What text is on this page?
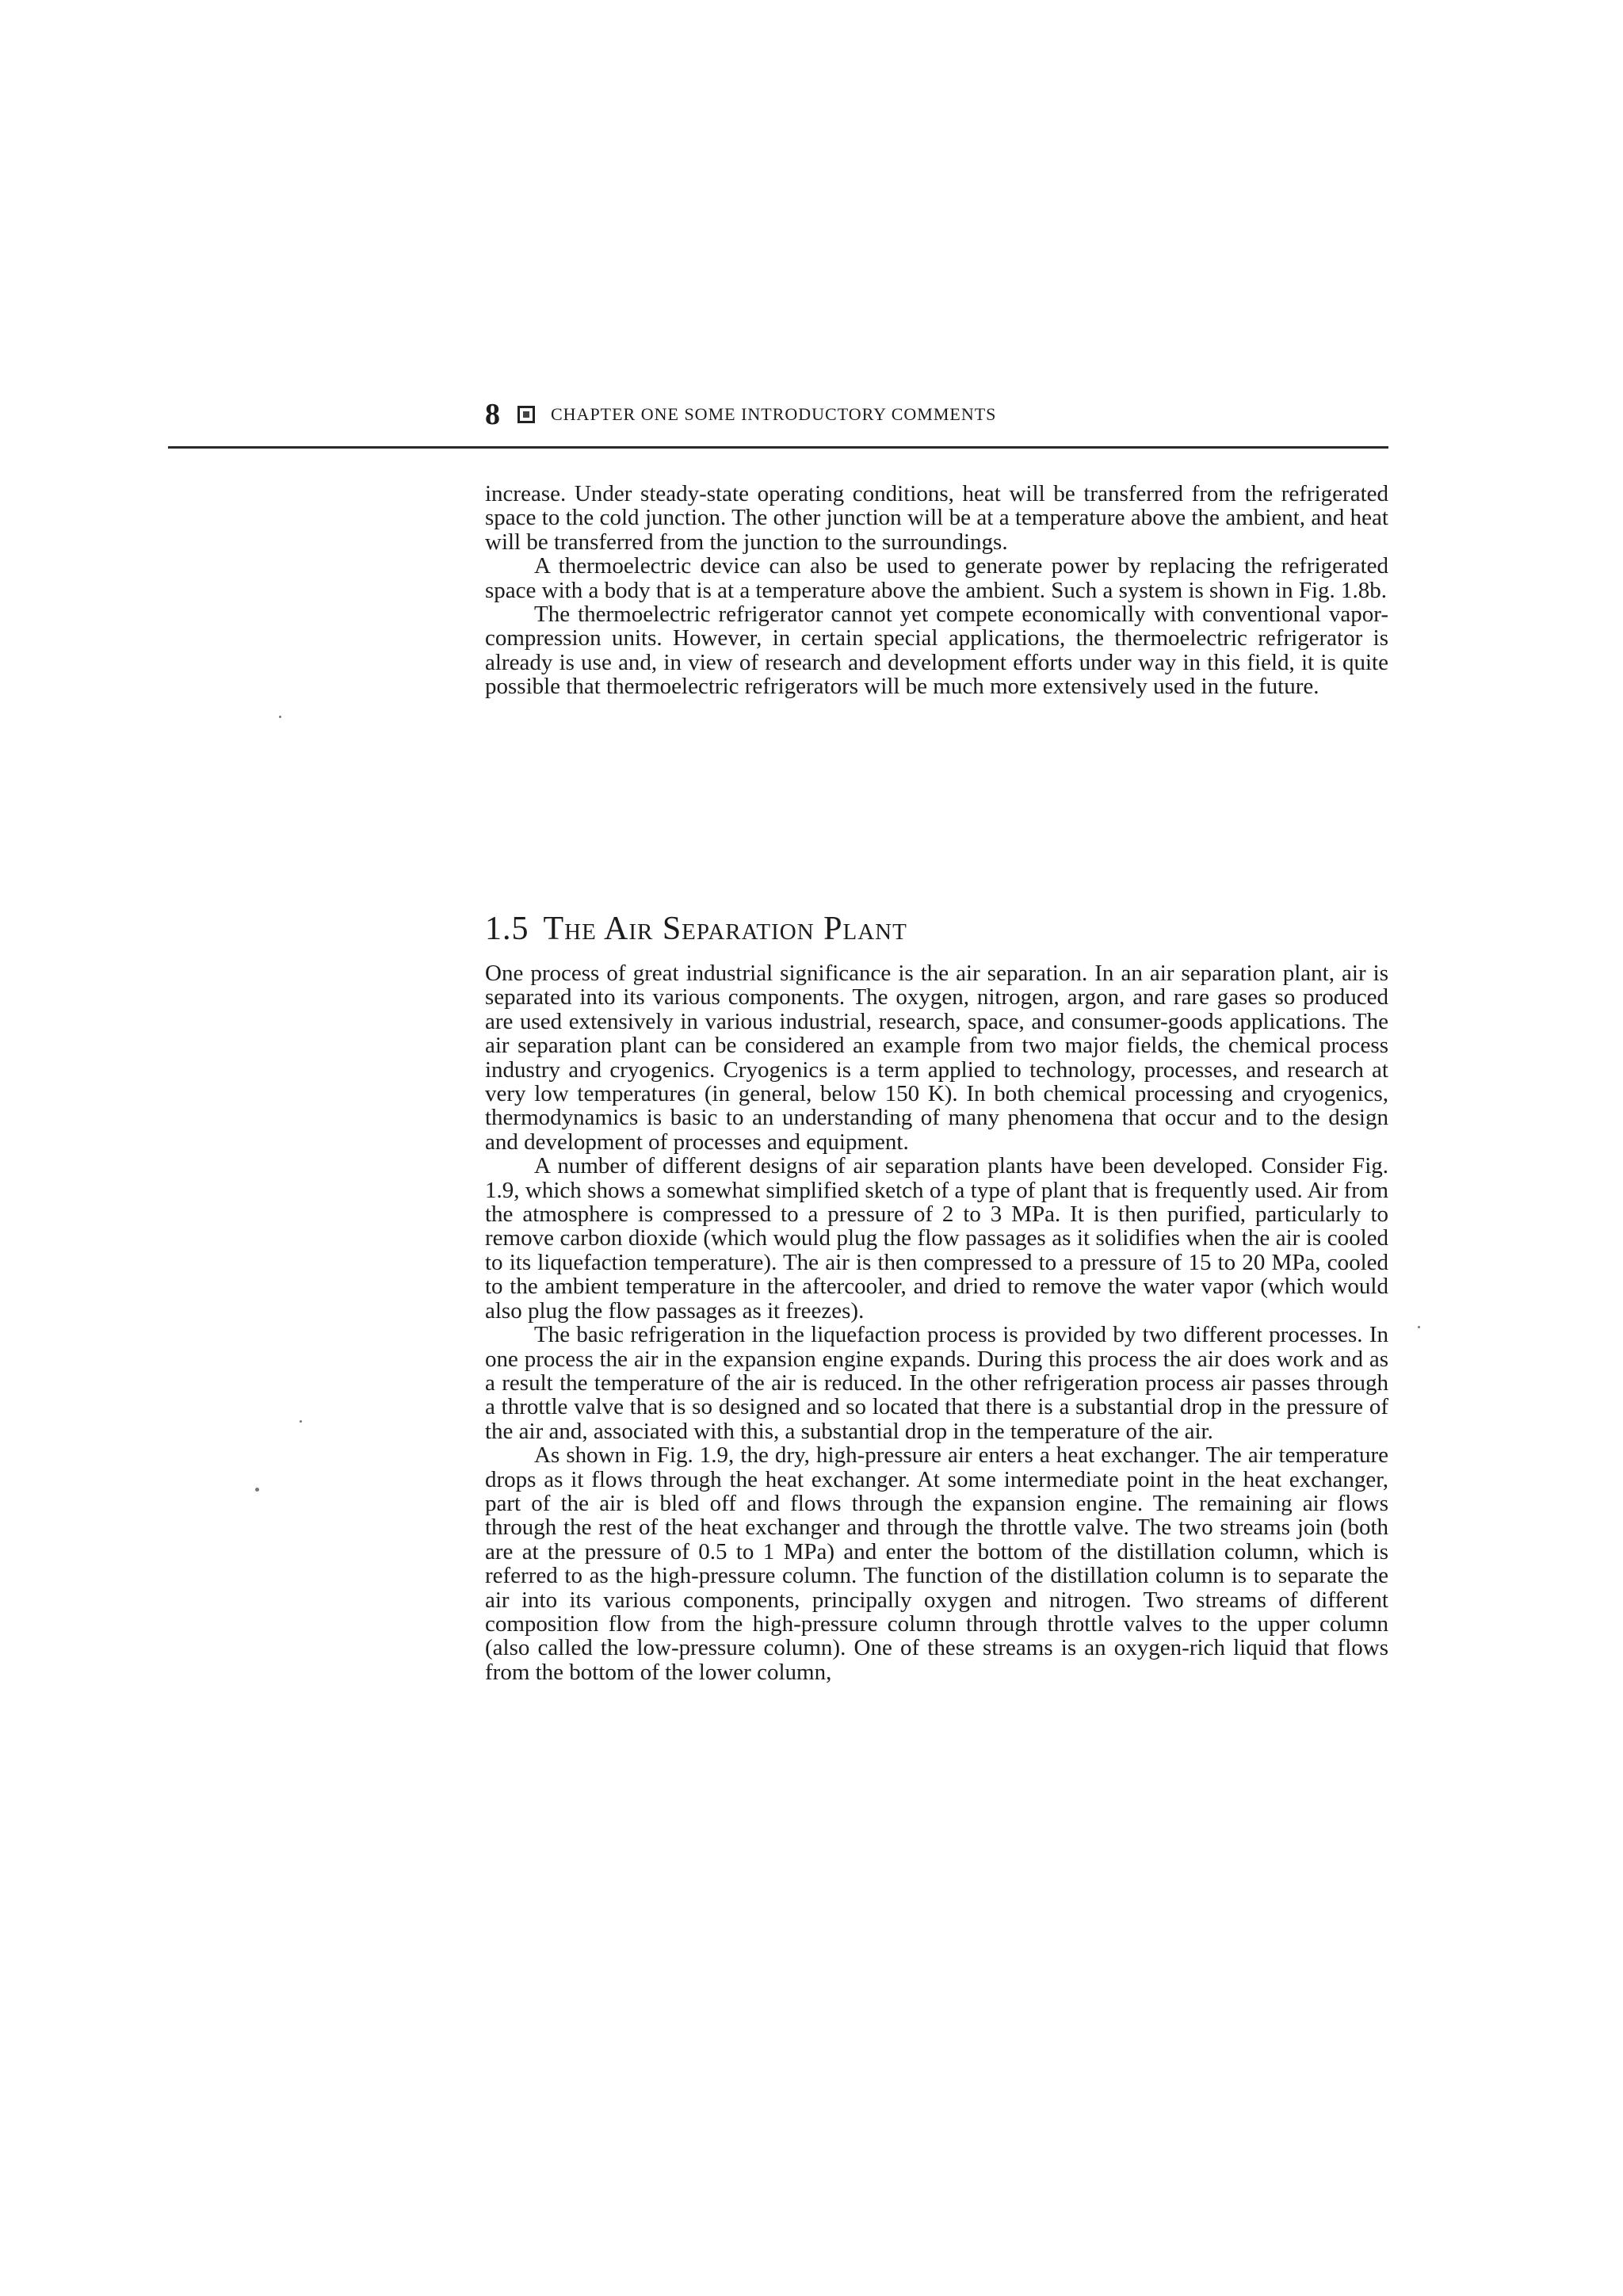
8	CHAPTER ONE SOME INTRODUCTORY COMMENTS

increase. Under steady-state operating conditions, heat will be transferred from the refrigerated space to the cold junction. The other junction will be at a temperature above the ambient, and heat will be transferred from the junction to the surroundings.

A thermoelectric device can also be used to generate power by replacing the refrigerated space with a body that is at a temperature above the ambient. Such a system is shown in Fig. 1.8b.

The thermoelectric refrigerator cannot yet compete economically with conventional vapor-compression units. However, in certain special applications, the thermoelectric refrigerator is already is use and, in view of research and development efforts under way in this field, it is quite possible that thermoelectric refrigerators will be much more extensively used in the future.

1.5 The Air Separation Plant

One process of great industrial significance is the air separation. In an air separation plant, air is separated into its various components. The oxygen, nitrogen, argon, and rare gases so produced are used extensively in various industrial, research, space, and consumer-goods applications. The air separation plant can be considered an example from two major fields, the chemical process industry and cryogenics. Cryogenics is a term applied to technology, processes, and research at very low temperatures (in general, below 150 K). In both chemical processing and cryogenics, thermodynamics is basic to an understanding of many phenomena that occur and to the design and development of processes and equipment.

A number of different designs of air separation plants have been developed. Consider Fig. 1.9, which shows a somewhat simplified sketch of a type of plant that is frequently used. Air from the atmosphere is compressed to a pressure of 2 to 3 MPa. It is then purified, particularly to remove carbon dioxide (which would plug the flow passages as it solidifies when the air is cooled to its liquefaction temperature). The air is then compressed to a pressure of 15 to 20 MPa, cooled to the ambient temperature in the aftercooler, and dried to remove the water vapor (which would also plug the flow passages as it freezes).

The basic refrigeration in the liquefaction process is provided by two different processes. In one process the air in the expansion engine expands. During this process the air does work and as a result the temperature of the air is reduced. In the other refrigeration process air passes through a throttle valve that is so designed and so located that there is a substantial drop in the pressure of the air and, associated with this, a substantial drop in the temperature of the air.

As shown in Fig. 1.9, the dry, high-pressure air enters a heat exchanger. The air temperature drops as it flows through the heat exchanger. At some intermediate point in the heat exchanger, part of the air is bled off and flows through the expansion engine. The remaining air flows through the rest of the heat exchanger and through the throttle valve. The two streams join (both are at the pressure of 0.5 to 1 MPa) and enter the bottom of the distillation column, which is referred to as the high-pressure column. The function of the distillation column is to separate the air into its various components, principally oxygen and nitrogen. Two streams of different composition flow from the high-pressure column through throttle valves to the upper column (also called the low-pressure column). One of these streams is an oxygen-rich liquid that flows from the bottom of the lower column,
